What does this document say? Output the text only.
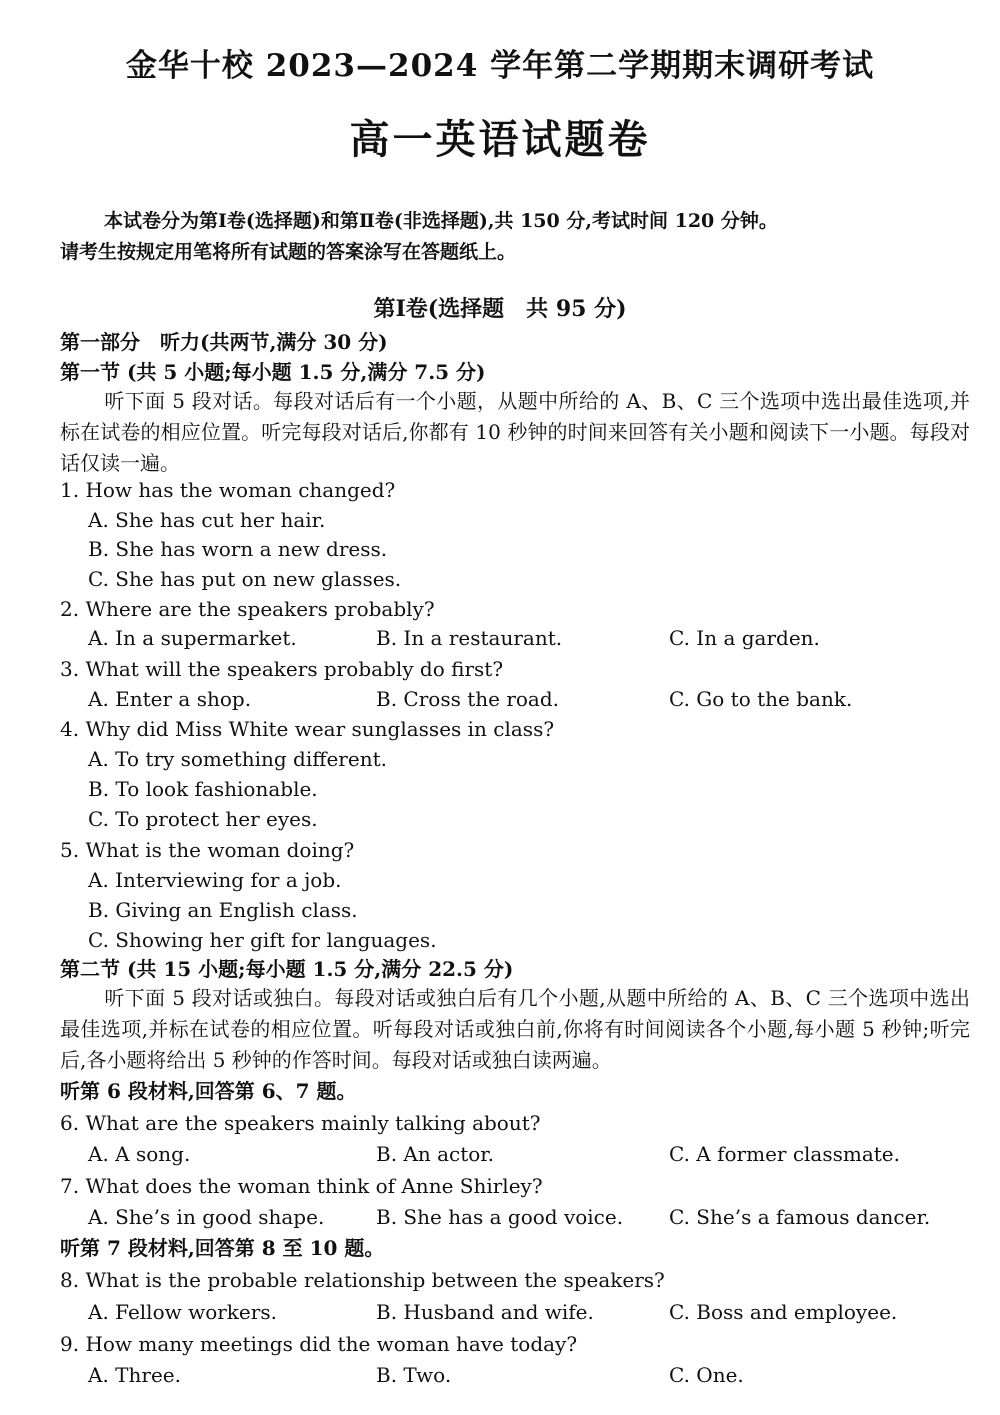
金华十校 2023—2024 学年第二学期期末调研考试
高一英语试题卷

本试卷分为第Ⅰ卷(选择题)和第Ⅱ卷(非选择题),共 150 分,考试时间 120 分钟。

请考生按规定用笔将所有试题的答案涂写在答题纸上。

第Ⅰ卷(选择题　共 95 分)
第一部分　听力(共两节,满分 30 分)
第一节 (共 5 小题;每小题 1.5 分,满分 7.5 分)
听下面 5 段对话。每段对话后有一个小题，从题中所给的 A、B、C 三个选项中选出最佳选项,并标在试卷的相应位置。听完每段对话后,你都有 10 秒钟的时间来回答有关小题和阅读下一小题。每段对话仅读一遍。
1. How has the woman changed?
A. She has cut her hair.
B. She has worn a new dress.
C. She has put on new glasses.
2. Where are the speakers probably?
A. In a supermarket.	B. In a restaurant.	C. In a garden.
3. What will the speakers probably do first?
A. Enter a shop.	B. Cross the road.	C. Go to the bank.
4. Why did Miss White wear sunglasses in class?
A. To try something different.
B. To look fashionable.
C. To protect her eyes.
5. What is the woman doing?
A. Interviewing for a job.
B. Giving an English class.
C. Showing her gift for languages.
第二节 (共 15 小题;每小题 1.5 分,满分 22.5 分)
听下面 5 段对话或独白。每段对话或独白后有几个小题,从题中所给的 A、B、C 三个选项中选出最佳选项,并标在试卷的相应位置。听每段对话或独白前,你将有时间阅读各个小题,每小题 5 秒钟;听完后,各小题将给出 5 秒钟的作答时间。每段对话或独白读两遍。
听第 6 段材料,回答第 6、7 题。
6. What are the speakers mainly talking about?
A. A song.	B. An actor.	C. A former classmate.
7. What does the woman think of Anne Shirley?
A. She’s in good shape.	B. She has a good voice. C. She’s a famous dancer.
听第 7 段材料,回答第 8 至 10 题。
8. What is the probable relationship between the speakers?
A. Fellow workers.	B. Husband and wife.	C. Boss and employee.
9. How many meetings did the woman have today?
A. Three.	B. Two.	C. One.
